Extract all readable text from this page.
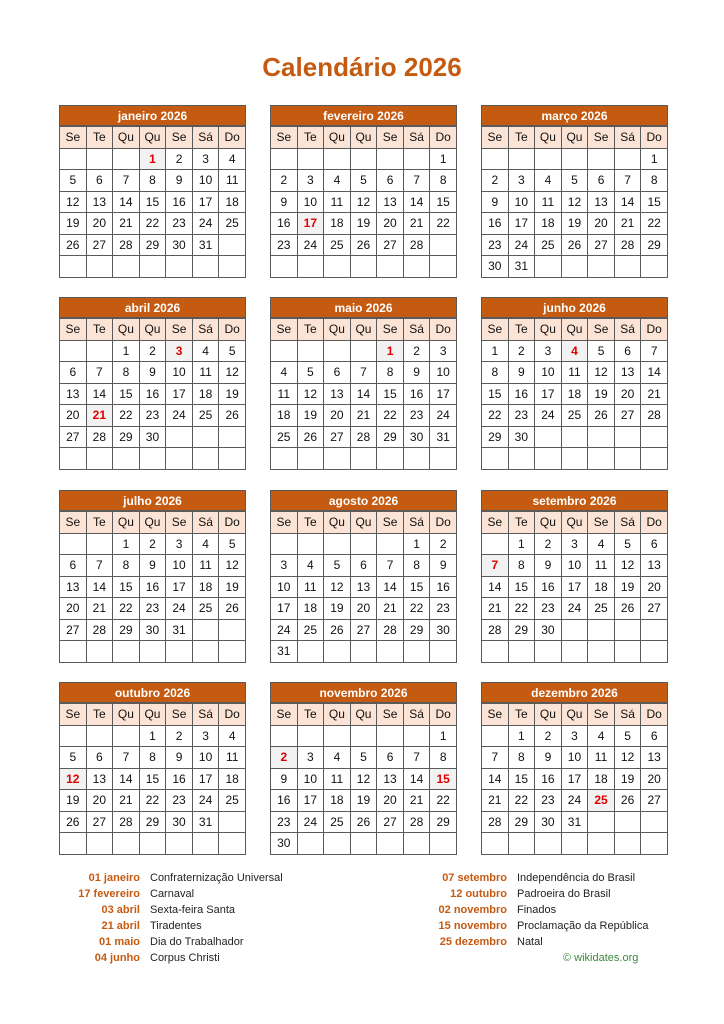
Calendário 2026
janeiro 2026
Se	Te	Qu	Qu	Se	Sá	Do
			1	2	3	4
5	6	7	8	9	10	11
12	13	14	15	16	17	18
19	20	21	22	23	24	25
26	27	28	29	30	31	

fevereiro 2026
Se	Te	Qu	Qu	Se	Sá	Do
						1
2	3	4	5	6	7	8
9	10	11	12	13	14	15
16	17	18	19	20	21	22
23	24	25	26	27	28	

março 2026
Se	Te	Qu	Qu	Se	Sá	Do
						1
2	3	4	5	6	7	8
9	10	11	12	13	14	15
16	17	18	19	20	21	22
23	24	25	26	27	28	29
30	31					
abril 2026
Se	Te	Qu	Qu	Se	Sá	Do
		1	2	3	4	5
6	7	8	9	10	11	12
13	14	15	16	17	18	19
20	21	22	23	24	25	26
27	28	29	30			

maio 2026
Se	Te	Qu	Qu	Se	Sá	Do
				1	2	3
4	5	6	7	8	9	10
11	12	13	14	15	16	17
18	19	20	21	22	23	24
25	26	27	28	29	30	31

junho 2026
Se	Te	Qu	Qu	Se	Sá	Do
1	2	3	4	5	6	7
8	9	10	11	12	13	14
15	16	17	18	19	20	21
22	23	24	25	26	27	28
29	30					

julho 2026
Se	Te	Qu	Qu	Se	Sá	Do
		1	2	3	4	5
6	7	8	9	10	11	12
13	14	15	16	17	18	19
20	21	22	23	24	25	26
27	28	29	30	31		

agosto 2026
Se	Te	Qu	Qu	Se	Sá	Do
					1	2
3	4	5	6	7	8	9
10	11	12	13	14	15	16
17	18	19	20	21	22	23
24	25	26	27	28	29	30
31						
setembro 2026
Se	Te	Qu	Qu	Se	Sá	Do
	1	2	3	4	5	6
7	8	9	10	11	12	13
14	15	16	17	18	19	20
21	22	23	24	25	26	27
28	29	30				

outubro 2026
Se	Te	Qu	Qu	Se	Sá	Do
			1	2	3	4
5	6	7	8	9	10	11
12	13	14	15	16	17	18
19	20	21	22	23	24	25
26	27	28	29	30	31	

novembro 2026
Se	Te	Qu	Qu	Se	Sá	Do
						1
2	3	4	5	6	7	8
9	10	11	12	13	14	15
16	17	18	19	20	21	22
23	24	25	26	27	28	29
30						
dezembro 2026
Se	Te	Qu	Qu	Se	Sá	Do
	1	2	3	4	5	6
7	8	9	10	11	12	13
14	15	16	17	18	19	20
21	22	23	24	25	26	27
28	29	30	31			

01 janeiro Confraternização Universal
17 fevereiro Carnaval
03 abril Sexta-feira Santa
21 abril Tiradentes
01 maio Dia do Trabalhador
04 junho Corpus Christi
07 setembro Independência do Brasil
12 outubro Padroeira do Brasil
02 novembro Finados
15 novembro Proclamação da República
25 dezembro Natal
© wikidates.org
